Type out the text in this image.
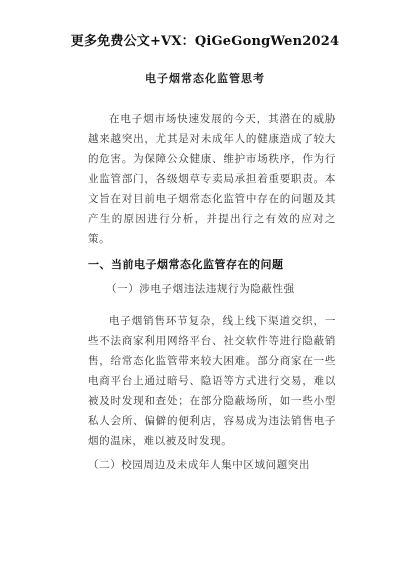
更多免费公文+VX：QiGeGongWen2024
电子烟常态化监管思考

在电子烟市场快速发展的今天，其潜在的威胁越来越突出，尤其是对未成年人的健康造成了较大的危害。为保障公众健康、维护市场秩序，作为行业监管部门，各级烟草专卖局承担着重要职责。本文旨在对目前电子烟常态化监管中存在的问题及其产生的原因进行分析，并提出行之有效的应对之策。

一、当前电子烟常态化监管存在的问题
（一）涉电子烟违法违规行为隐蔽性强

电子烟销售环节复杂，线上线下渠道交织，一些不法商家利用网络平台、社交软件等进行隐蔽销售，给常态化监管带来较大困难。部分商家在一些电商平台上通过暗号、隐语等方式进行交易，难以被及时发现和查处；在部分隐蔽场所，如一些小型私人会所、偏僻的便利店，容易成为违法销售电子烟的温床，难以被及时发现。

（二）校园周边及未成年人集中区域问题突出
